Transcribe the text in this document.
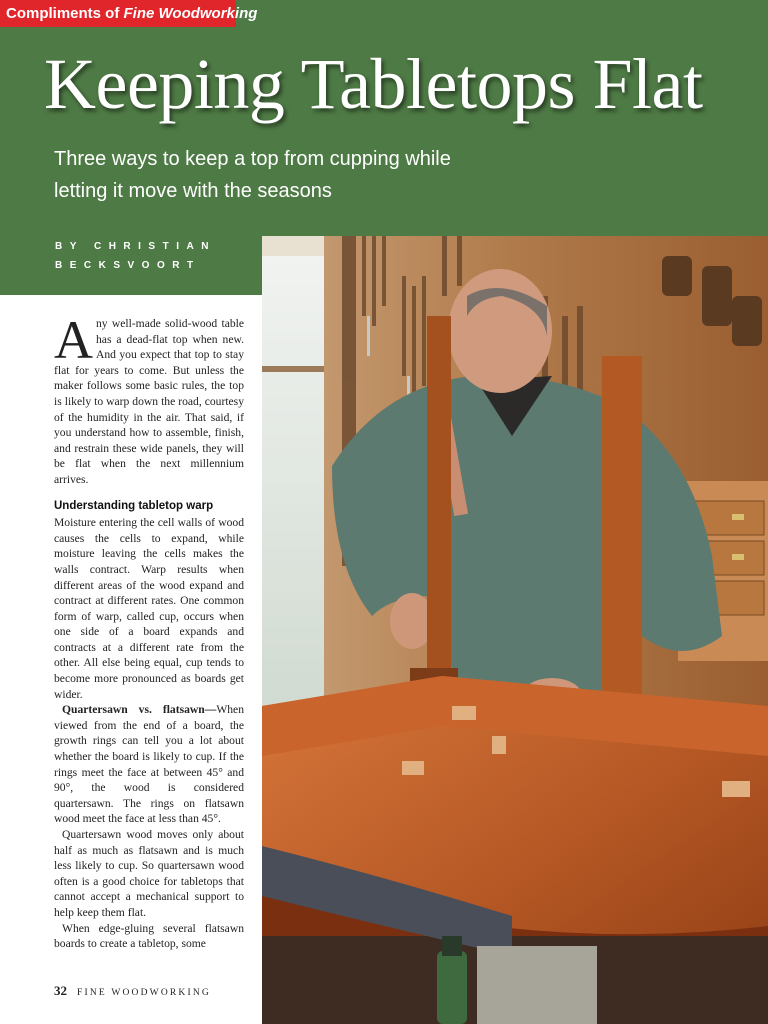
Compliments of Fine Woodworking
Keeping Tabletops Flat
Three ways to keep a top from cupping while letting it move with the seasons
BY CHRISTIAN BECKSVOORT

Any well-made solid-wood table has a dead-flat top when new. And you expect that top to stay flat for years to come. But unless the maker follows some basic rules, the top is likely to warp down the road, courtesy of the humidity in the air. That said, if you understand how to assemble, finish, and restrain these wide panels, they will be flat when the next millennium arrives.

Understanding tabletop warp

Moisture entering the cell walls of wood causes the cells to expand, while moisture leaving the cells makes the walls contract. Warp results when different areas of the wood expand and contract at different rates. One common form of warp, called cup, occurs when one side of a board expands and contracts at a different rate from the other. All else being equal, cup tends to become more pronounced as boards get wider.

Quartersawn vs. flatsawn—When viewed from the end of a board, the growth rings can tell you a lot about whether the board is likely to cup. If the rings meet the face at between 45° and 90°, the wood is considered quartersawn. The rings on flatsawn wood meet the face at less than 45°.

Quartersawn wood moves only about half as much as flatsawn and is much less likely to cup. So quartersawn wood often is a good choice for tabletops that cannot accept a mechanical support to help keep them flat.

When edge-gluing several flatsawn boards to create a tabletop, some

32 FINE WOODWORKING
